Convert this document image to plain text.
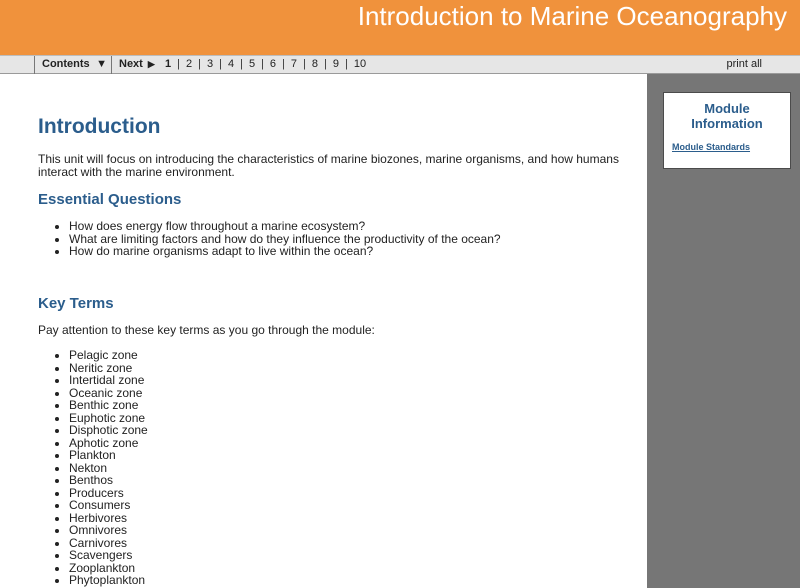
Introduction to Marine Oceanography
Contents ▼ Next ▶ 1 | 2 | 3 | 4 | 5 | 6 | 7 | 8 | 9 | 10	print all
Module
Information
Module Standards
Introduction
This unit will focus on introducing the characteristics of marine biozones, marine organisms, and how humans interact with the marine environment.
Essential Questions
• How does energy flow throughout a marine ecosystem?
• What are limiting factors and how do they influence the productivity of the ocean?
• How do marine organisms adapt to live within the ocean?
Key Terms
Pay attention to these key terms as you go through the module:
• Pelagic zone
• Neritic zone
• Intertidal zone
• Oceanic zone
• Benthic zone
• Euphotic zone
• Disphotic zone
• Aphotic zone
• Plankton
• Nekton
• Benthos
• Producers
• Consumers
• Herbivores
• Omnivores
• Carnivores
• Scavengers
• Zooplankton
• Phytoplankton
